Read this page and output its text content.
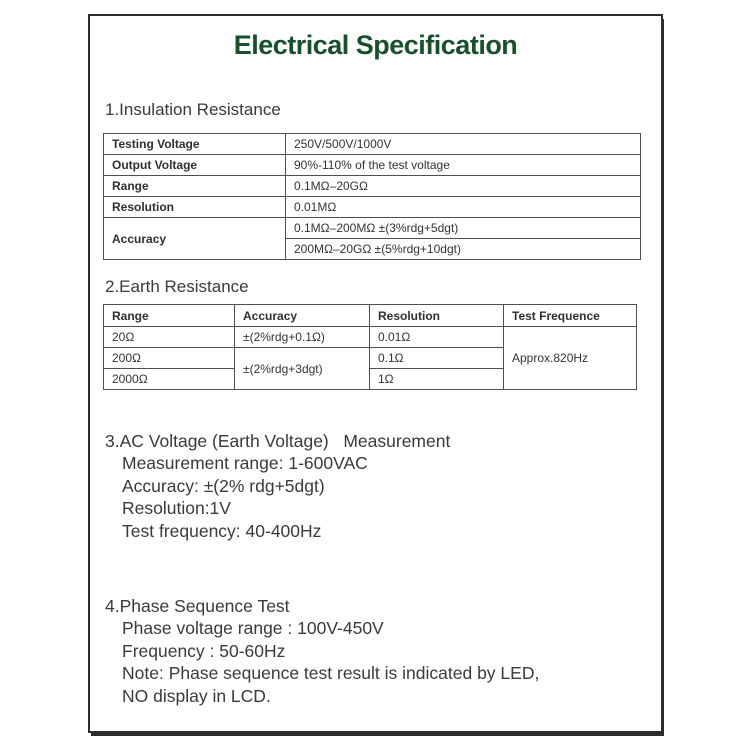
Electrical Specification
1.Insulation Resistance
Testing Voltage	250V/500V/1000V
Output Voltage	90%-110% of the test voltage
Range	0.1MΩ–20GΩ
Resolution	0.01MΩ
Accuracy	0.1MΩ–200MΩ ±(3%rdg+5dgt)
	200MΩ–20GΩ ±(5%rdg+10dgt)
2.Earth Resistance
Range	Accuracy	Resolution	Test Frequence
20Ω	±(2%rdg+0.1Ω)	0.01Ω	Approx.820Hz
200Ω	±(2%rdg+3dgt)	0.1Ω	
2000Ω		1Ω	
3.AC Voltage (Earth Voltage)   Measurement
Measurement range: 1-600VAC
Accuracy: ±(2% rdg+5dgt)
Resolution:1V
Test frequency: 40-400Hz
4.Phase Sequence Test
Phase voltage range : 100V-450V
Frequency : 50-60Hz
Note: Phase sequence test result is indicated by LED,
NO display in LCD.
